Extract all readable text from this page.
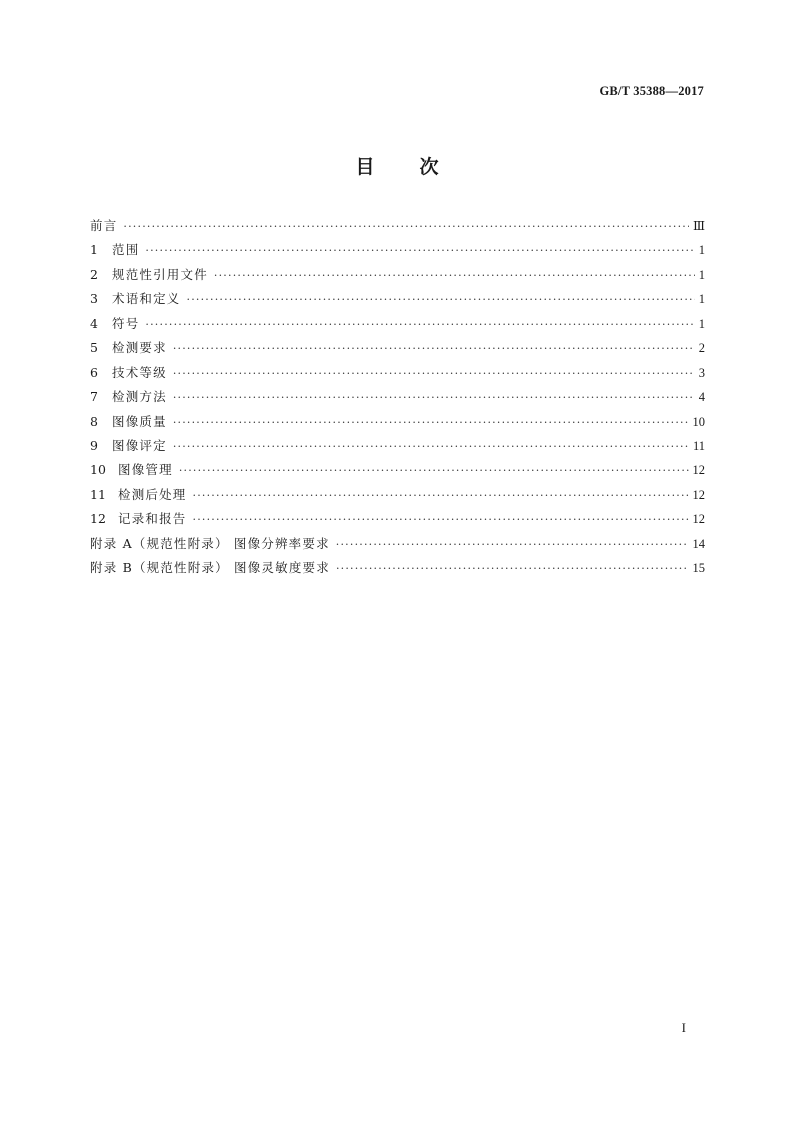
GB/T 35388—2017
目 次
前言 ·····	Ⅲ
1	范围 ·····	1
2	规范性引用文件 ·····	1
3	术语和定义 ·····	1
4	符号 ·····	1
5	检测要求 ·····	2
6	技术等级 ·····	3
7	检测方法 ·····	4
8	图像质量 ·····	10
9	图像评定 ·····	11
10 图像管理 ·····	12
11 检测后处理 ·····	12
12 记录和报告 ·····	12
附录 A（规范性附录） 图像分辨率要求 ·····	14
附录 B（规范性附录） 图像灵敏度要求 ·····	15
I
